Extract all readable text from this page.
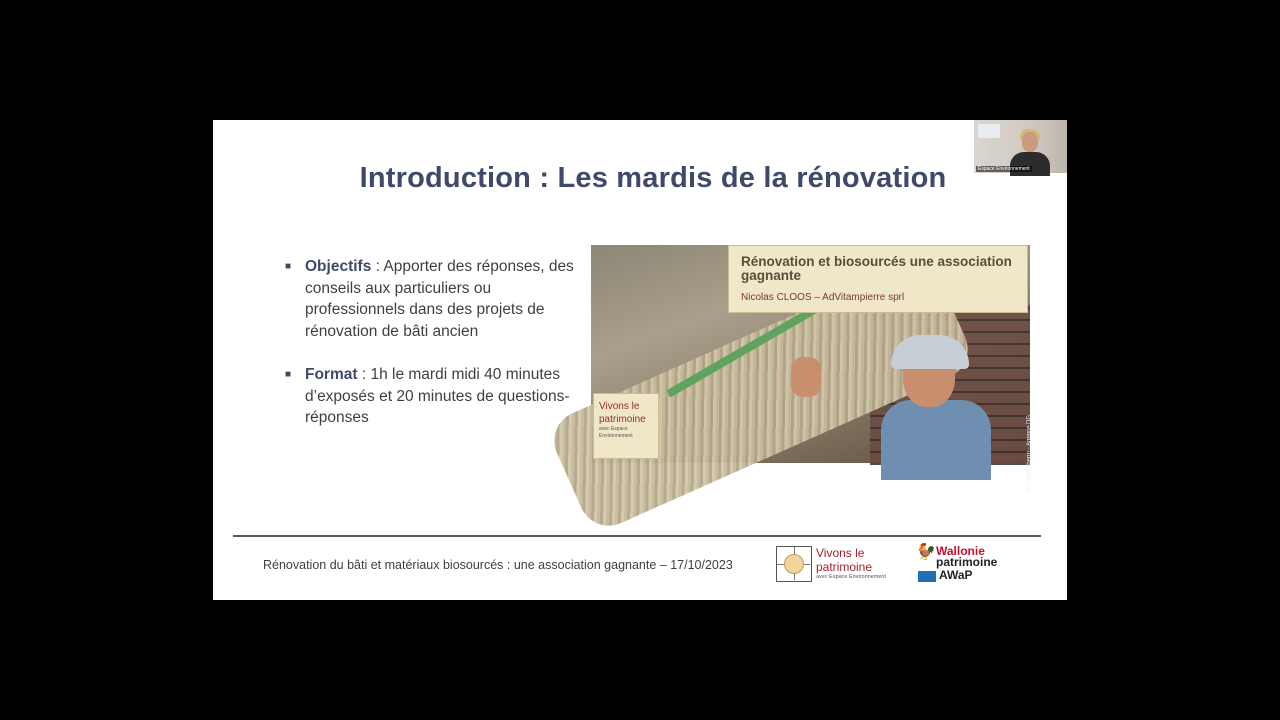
Introduction : Les mardis de la rénovation
■ Objectifs : Apporter des réponses, des conseils aux particuliers ou professionnels dans des projets de rénovation de bâti ancien
■ Format : 1h le mardi midi 40 minutes d’exposés et 20 minutes de questions-réponses
Rénovation et biosourcés une association gagnante
Nicolas CLOOS – AdVitampierre sprl
Vivons le patrimoine
avec Espace Environnement	© Greenfiberm - Agence DG
Rénovation du bâti et matériaux biosourcés : une association gagnante – 17/10/2023
Vivons le patrimoine
avec Espace Environnement
🐓 Wallonie
patrimoine
AWaP
Espace Environnement
